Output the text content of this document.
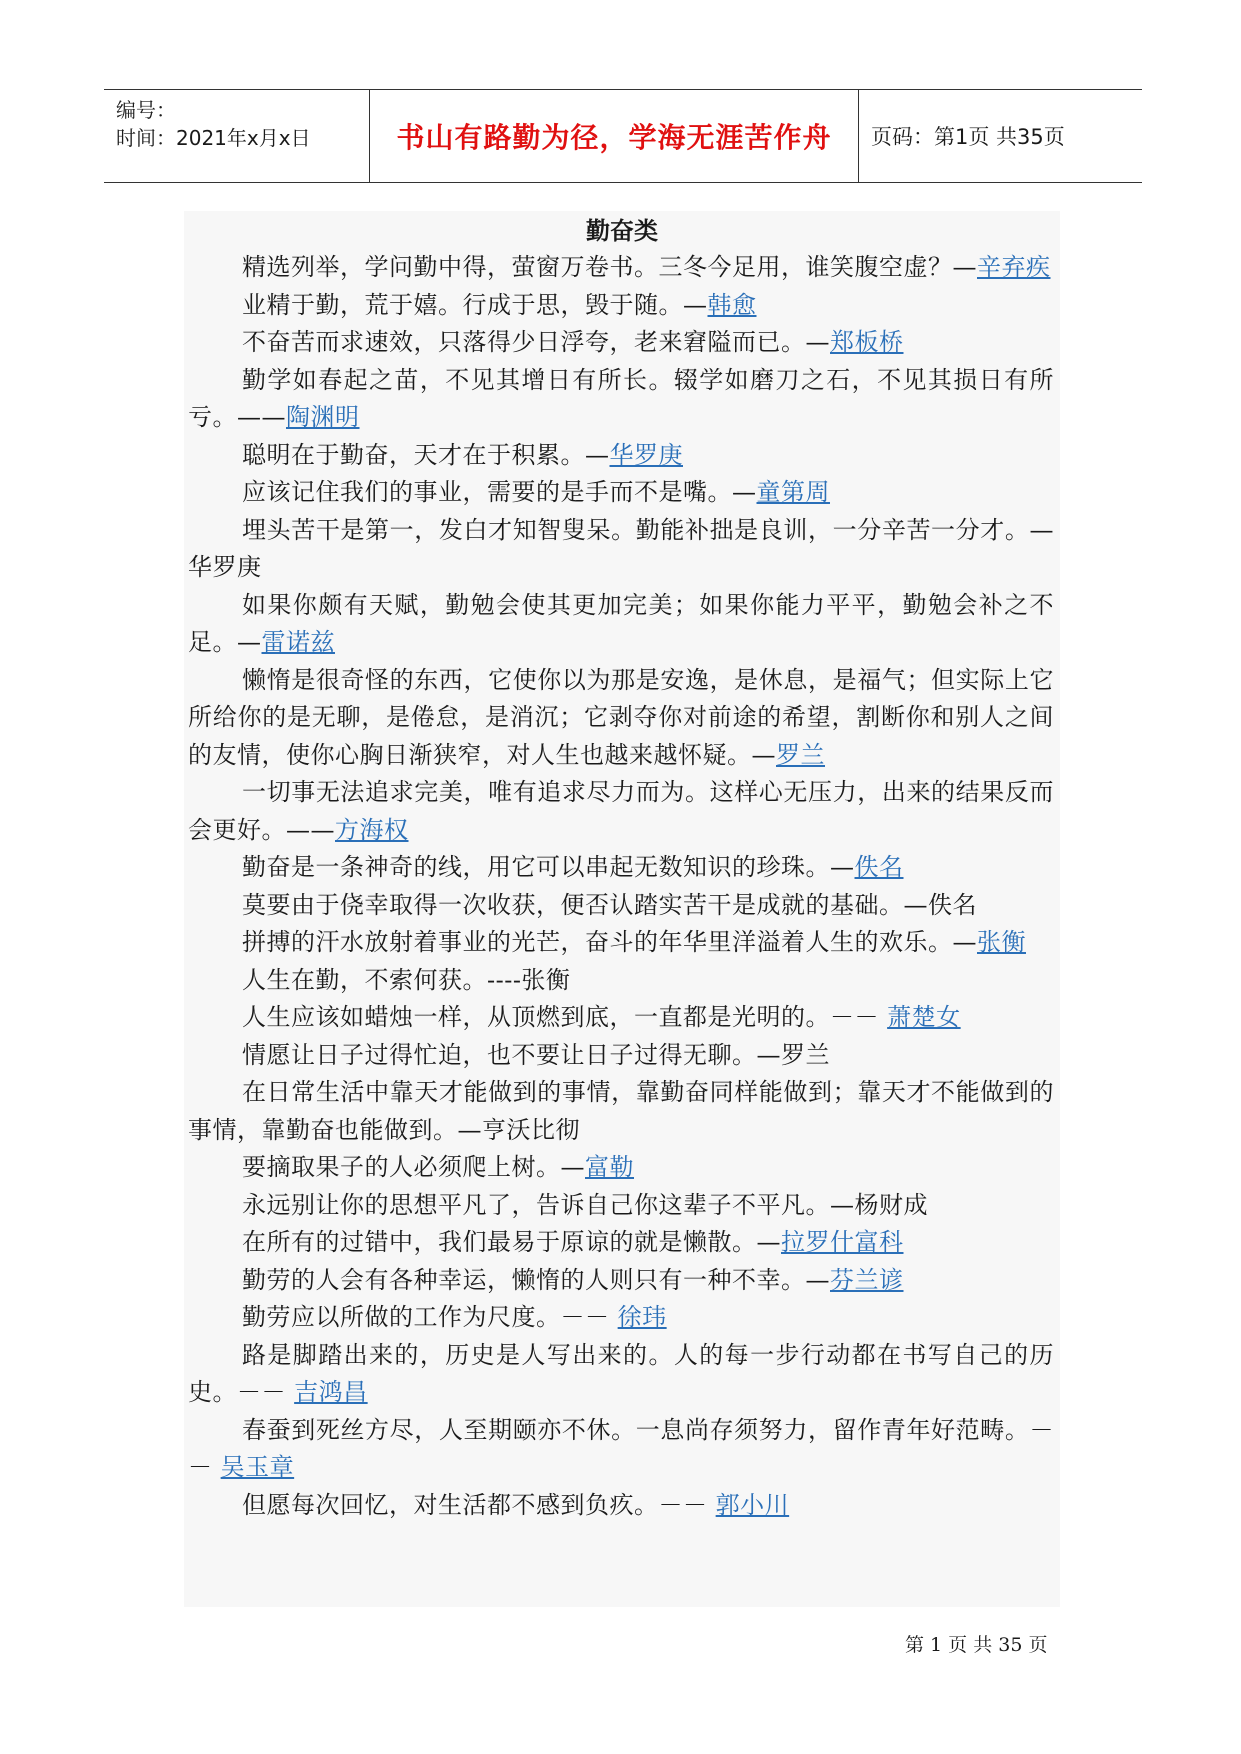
编号：
时间：2021年x月x日	书山有路勤为径，学海无涯苦作舟 页码：第1页 共35页
勤奋类
精选列举，学问勤中得，萤窗万卷书。三冬今足用，谁笑腹空虚？—辛弃疾
业精于勤，荒于嬉。行成于思，毁于随。—韩愈
不奋苦而求速效，只落得少日浮夸，老来窘隘而已。—郑板桥
勤学如春起之苗，不见其增日有所长。辍学如磨刀之石，不见其损日有所亏。——陶渊明
聪明在于勤奋，天才在于积累。—华罗庚
应该记住我们的事业，需要的是手而不是嘴。—童第周
埋头苦干是第一，发白才知智叟呆。勤能补拙是良训，一分辛苦一分才。—华罗庚
如果你颇有天赋，勤勉会使其更加完美；如果你能力平平，勤勉会补之不足。—雷诺兹
懒惰是很奇怪的东西，它使你以为那是安逸，是休息，是福气；但实际上它所给你的是无聊，是倦怠，是消沉；它剥夺你对前途的希望，割断你和别人之间的友情，使你心胸日渐狭窄，对人生也越来越怀疑。—罗兰
一切事无法追求完美，唯有追求尽力而为。这样心无压力，出来的结果反而会更好。——方海权
勤奋是一条神奇的线，用它可以串起无数知识的珍珠。—佚名
莫要由于侥幸取得一次收获，便否认踏实苦干是成就的基础。—佚名
拼搏的汗水放射着事业的光芒，奋斗的年华里洋溢着人生的欢乐。—张衡
人生在勤，不索何获。----张衡
人生应该如蜡烛一样，从顶燃到底，一直都是光明的。－－ 萧楚女
情愿让日子过得忙迫，也不要让日子过得无聊。—罗兰
在日常生活中靠天才能做到的事情，靠勤奋同样能做到；靠天才不能做到的事情，靠勤奋也能做到。—亨沃比彻
要摘取果子的人必须爬上树。—富勒
永远别让你的思想平凡了，告诉自己你这辈子不平凡。—杨财成
在所有的过错中，我们最易于原谅的就是懒散。—拉罗什富科
勤劳的人会有各种幸运，懒惰的人则只有一种不幸。—芬兰谚
勤劳应以所做的工作为尺度。－－ 徐玮
路是脚踏出来的，历史是人写出来的。人的每一步行动都在书写自己的历史。－－ 吉鸿昌
春蚕到死丝方尽，人至期颐亦不休。一息尚存须努力，留作青年好范畴。－－ 吴玉章
但愿每次回忆，对生活都不感到负疚。－－ 郭小川
第 1 页 共 35 页
